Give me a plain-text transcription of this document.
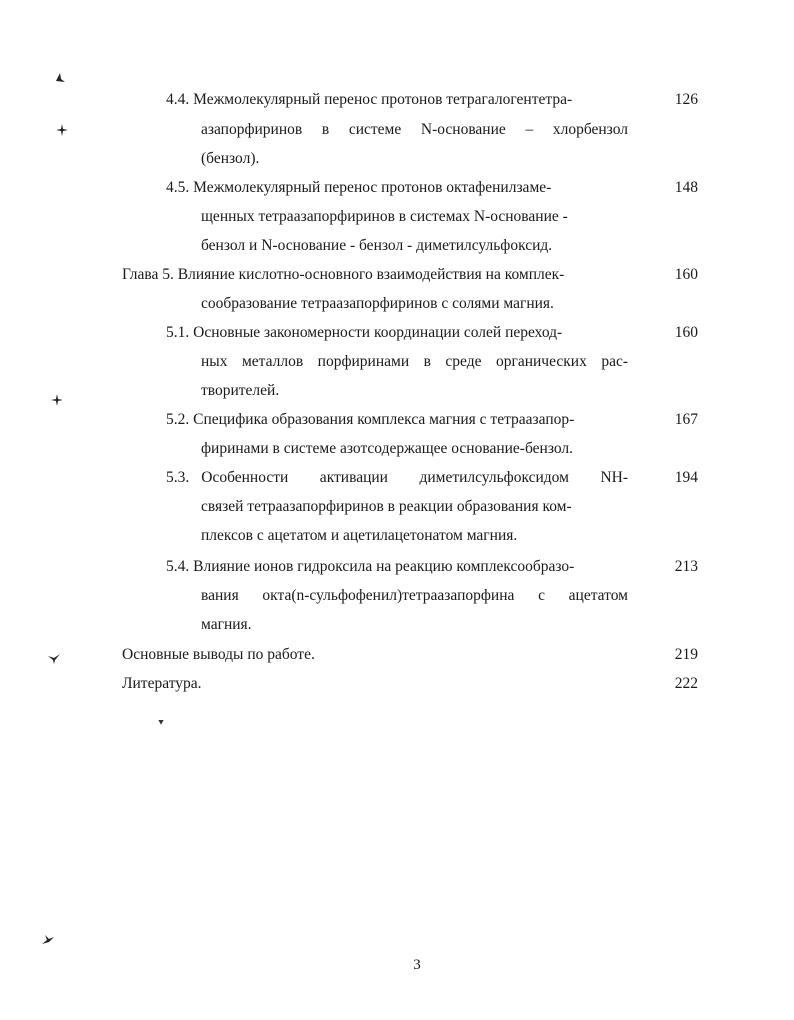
4.4. Межмолекулярный перенос протонов тетрагалогентетра-
азапорфиринов в системе N-основание – хлорбензол
(бензол).
126
4.5. Межмолекулярный перенос протонов октафенилзаме-
щенных тетраазапорфиринов в системах N-основание -
бензол и N-основание - бензол - диметилсульфоксид.
148
Глава 5. Влияние кислотно-основного взаимодействия на комплек-
сообразование тетраазапорфиринов с солями магния.
160
5.1. Основные закономерности координации солей переход-
ных металлов порфиринами в среде органических рас-
творителей.
160
5.2. Специфика образования комплекса магния с тетраазапор-
фиринами в системе азотсодержащее основание-бензол.
167
5.3. Особенности активации диметилсульфоксидом NH-
связей тетраазапорфиринов в реакции образования ком-
плексов с ацетатом и ацетилацетонатом магния.
194
5.4. Влияние ионов гидроксила на реакцию комплексообразо-
вания окта(n-сульфофенил)тетраазапорфина с ацетатом
магния.
213
Основные выводы по работе.	219
Литература.	222
3
